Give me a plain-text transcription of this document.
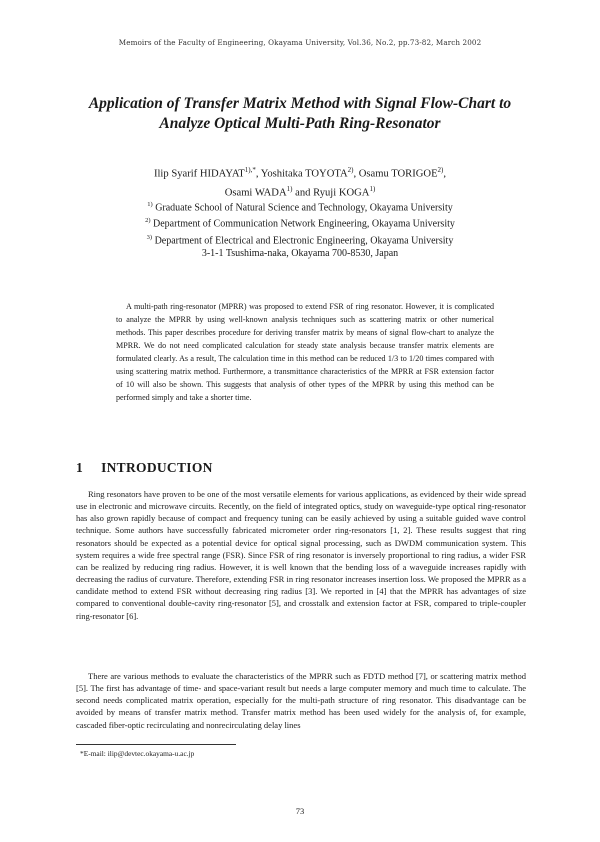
Memoirs of the Faculty of Engineering, Okayama University, Vol.36, No.2, pp.73-82, March 2002
Application of Transfer Matrix Method with Signal Flow-Chart to
Analyze Optical Multi-Path Ring-Resonator
Ilip Syarif $HIDAYAT^{1),*}$, Yoshitaka TOYOTA$^{2)}$, Osamu TORIGOE$^{2)}$,
Osami WADA$^{1)}$ and Ryuji KOGA$^{1)}$
$^{1)}$ Graduate School of Natural Science and Technology, Okayama University
$^{2)}$ Department of Communication Network Engineering, Okayama University
$^{3)}$ Department of Electrical and Electronic Engineering, Okayama University
3-1-1 Tsushima-naka, Okayama 700-8530, Japan
A multi-path ring-resonator (MPRR) was proposed to extend FSR of ring resonator. However, it is complicated to analyze the MPRR by using well-known analysis techniques such as scattering matrix or other numerical methods. This paper describes procedure for deriving transfer matrix by means of signal flow-chart to analyze the MPRR. We do not need complicated calculation for steady state analysis because transfer matrix elements are formulated clearly. As a result, The calculation time in this method can be reduced 1/3 to 1/20 times compared with using scattering matrix method. Furthermore, a transmittance characteristics of the MPRR at FSR extension factor of 10 will also be shown. This suggests that analysis of other types of the MPRR by using this method can be performed simply and take a shorter time.
1 INTRODUCTION

Ring resonators have proven to be one of the most versatile elements for various applications, as evidenced by their wide spread use in electronic and microwave circuits. Recently, on the field of integrated optics, study on waveguide-type optical ring-resonator has also grown rapidly because of compact and frequency tuning can be easily achieved by using a suitable guided wave control technique. Some authors have successfully fabricated micrometer order ring-resonators [1, 2]. These results suggest that ring resonators should be expected as a potential device for optical signal processing, such as DWDM communication system. This system requires a wide free spectral range (FSR). Since FSR of ring resonator is inversely proportional to ring radius, a wider FSR can be realized by reducing ring radius. However, it is well known that the bending loss of a waveguide increases rapidly with decreasing the radius of curvature. Therefore, extending FSR in ring resonator increases insertion loss. We proposed the MPRR as a candidate method to extend FSR without decreasing ring radius [3]. We reported in [4] that the MPRR has advantages of size compared to conventional double-cavity ring-resonator [5], and crosstalk and extension factor at FSR, compared to triple-coupler ring-resonator [6].

There are various methods to evaluate the characteristics of the MPRR such as FDTD method [7], or scattering matrix method [5]. The first has advantage of time- and space-variant result but needs a large computer memory and much time to calculate. The second needs complicated matrix operation, especially for the multi-path structure of ring resonator. This disadvantage can be avoided by means of transfer matrix method. Transfer matrix method has been used widely for the analysis of, for example, cascaded fiber-optic recirculating and nonrecirculating delay lines

*E-mail: ilip@devtec.okayama-u.ac.jp
73
